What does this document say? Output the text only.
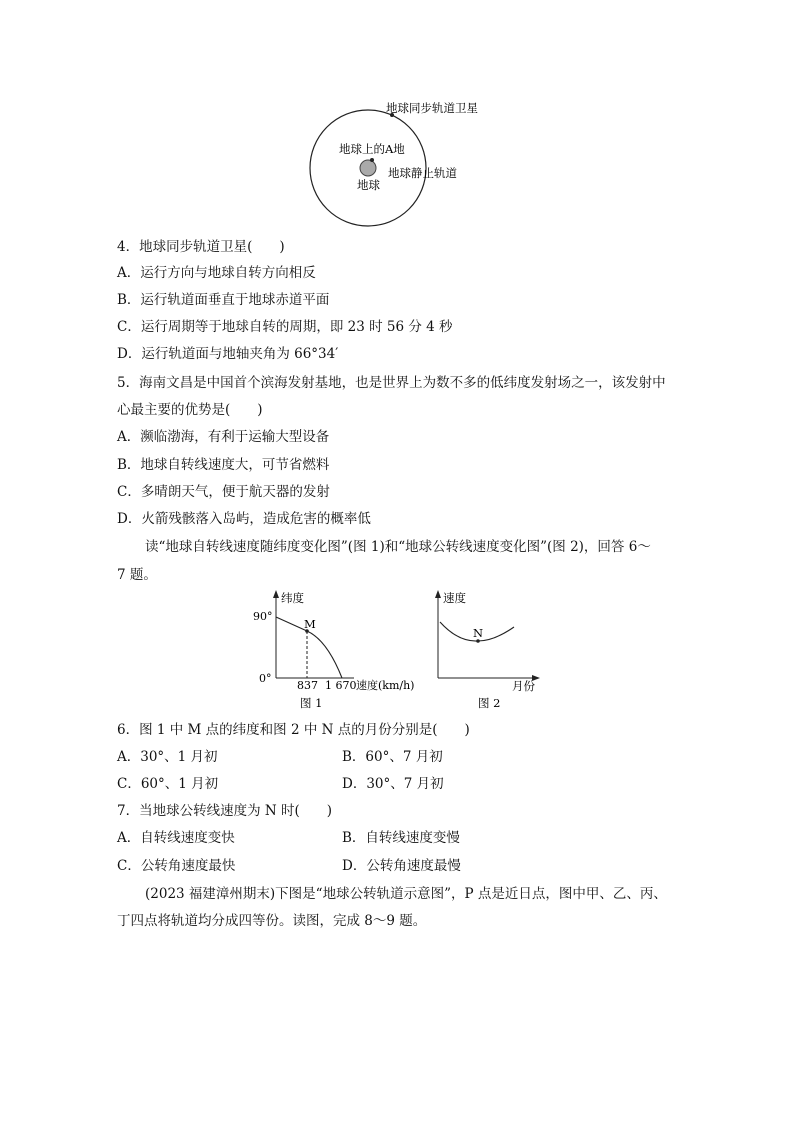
地球同步轨道卫星
地球上的A地
地球
地球静止轨道
4．地球同步轨道卫星(　　)
A．运行方向与地球自转方向相反
B．运行轨道面垂直于地球赤道平面
C．运行周期等于地球自转的周期，即 23 时 56 分 4 秒
D．运行轨道面与地轴夹角为 66°34′
5．海南文昌是中国首个滨海发射基地，也是世界上为数不多的低纬度发射场之一，该发射中
心最主要的优势是(　　)
A．濒临渤海，有利于运输大型设备
B．地球自转线速度大，可节省燃料
C．多晴朗天气，便于航天器的发射
D．火箭残骸落入岛屿，造成危害的概率低
读“地球自转线速度随纬度变化图”(图 1)和“地球公转线速度变化图”(图 2)，回答 6～
7 题。
纬度
90°
0°
M
837 1 670 速度(km/h)
图 1
速度
N
月份
图 2
6．图 1 中 M 点的纬度和图 2 中 N 点的月份分别是(　　)
A．30°、1 月初	B．60°、7 月初
C．60°、1 月初	D．30°、7 月初
7．当地球公转线速度为 N 时(　　)
A．自转线速度变快	B．自转线速度变慢
C．公转角速度最快	D．公转角速度最慢
(2023 福建漳州期末)下图是“地球公转轨道示意图”，P 点是近日点，图中甲、乙、丙、
丁四点将轨道均分成四等份。读图，完成 8～9 题。
